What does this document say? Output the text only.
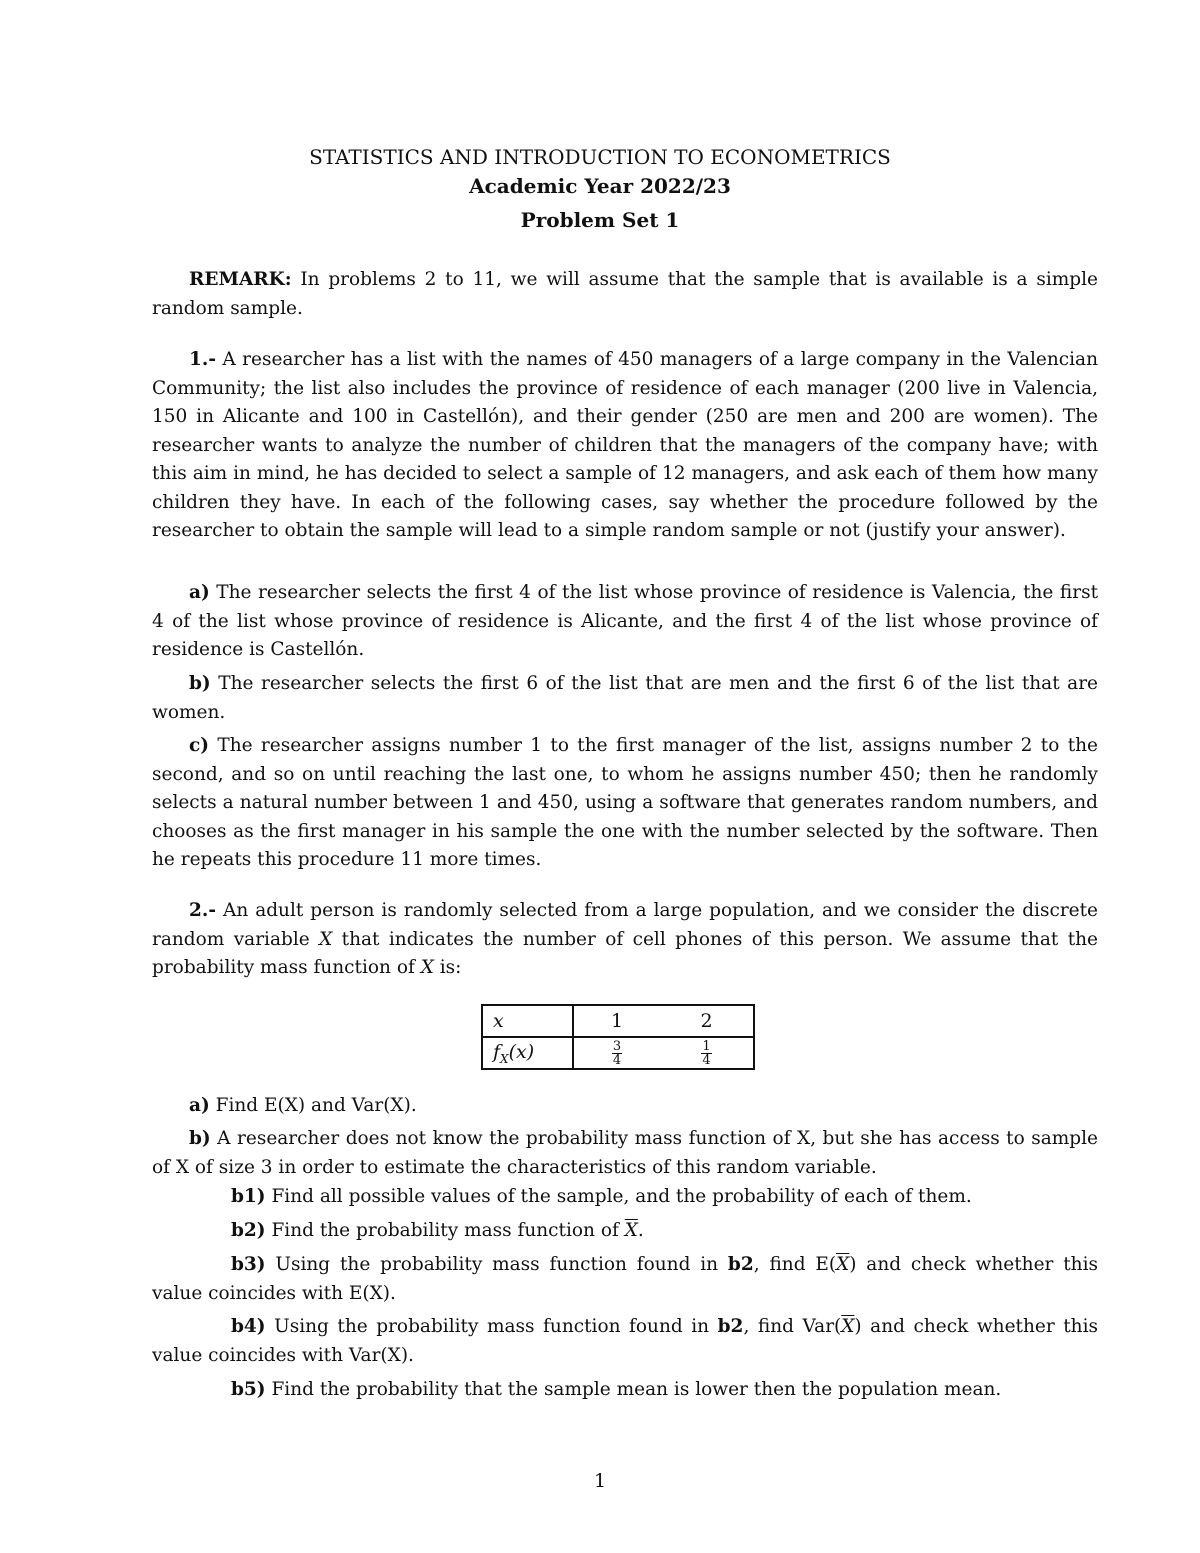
STATISTICS AND INTRODUCTION TO ECONOMETRICS
Academic Year 2022/23
Problem Set 1
REMARK: In problems 2 to 11, we will assume that the sample that is available is a simple random sample.
1.- A researcher has a list with the names of 450 managers of a large company in the Valencian Community; the list also includes the province of residence of each manager (200 live in Valencia, 150 in Alicante and 100 in Castellón), and their gender (250 are men and 200 are women). The researcher wants to analyze the number of children that the managers of the company have; with this aim in mind, he has decided to select a sample of 12 managers, and ask each of them how many children they have. In each of the following cases, say whether the procedure followed by the researcher to obtain the sample will lead to a simple random sample or not (justify your answer).
a) The researcher selects the first 4 of the list whose province of residence is Valencia, the first 4 of the list whose province of residence is Alicante, and the first 4 of the list whose province of residence is Castellón.
b) The researcher selects the first 6 of the list that are men and the first 6 of the list that are women.
c) The researcher assigns number 1 to the first manager of the list, assigns number 2 to the second, and so on until reaching the last one, to whom he assigns number 450; then he randomly selects a natural number between 1 and 450, using a software that generates random numbers, and chooses as the first manager in his sample the one with the number selected by the software. Then he repeats this procedure 11 more times.
2.- An adult person is randomly selected from a large population, and we consider the discrete random variable X that indicates the number of cell phones of this person. We assume that the probability mass function of X is:
x	1	2
$f_X(x)$	$\frac{3}{4}$	$\frac{1}{4}$
a) Find E(X) and Var(X).
b) A researcher does not know the probability mass function of X, but she has access to sample of X of size 3 in order to estimate the characteristics of this random variable.
b1) Find all possible values of the sample, and the probability of each of them.
b2) Find the probability mass function of $\overline{X}$.
b3) Using the probability mass function found in b2, find $E(\overline{X})$ and check whether this value coincides with E(X).
b4) Using the probability mass function found in b2, find $Var(\overline{X})$ and check whether this value coincides with Var(X).
b5) Find the probability that the sample mean is lower then the population mean.
1
